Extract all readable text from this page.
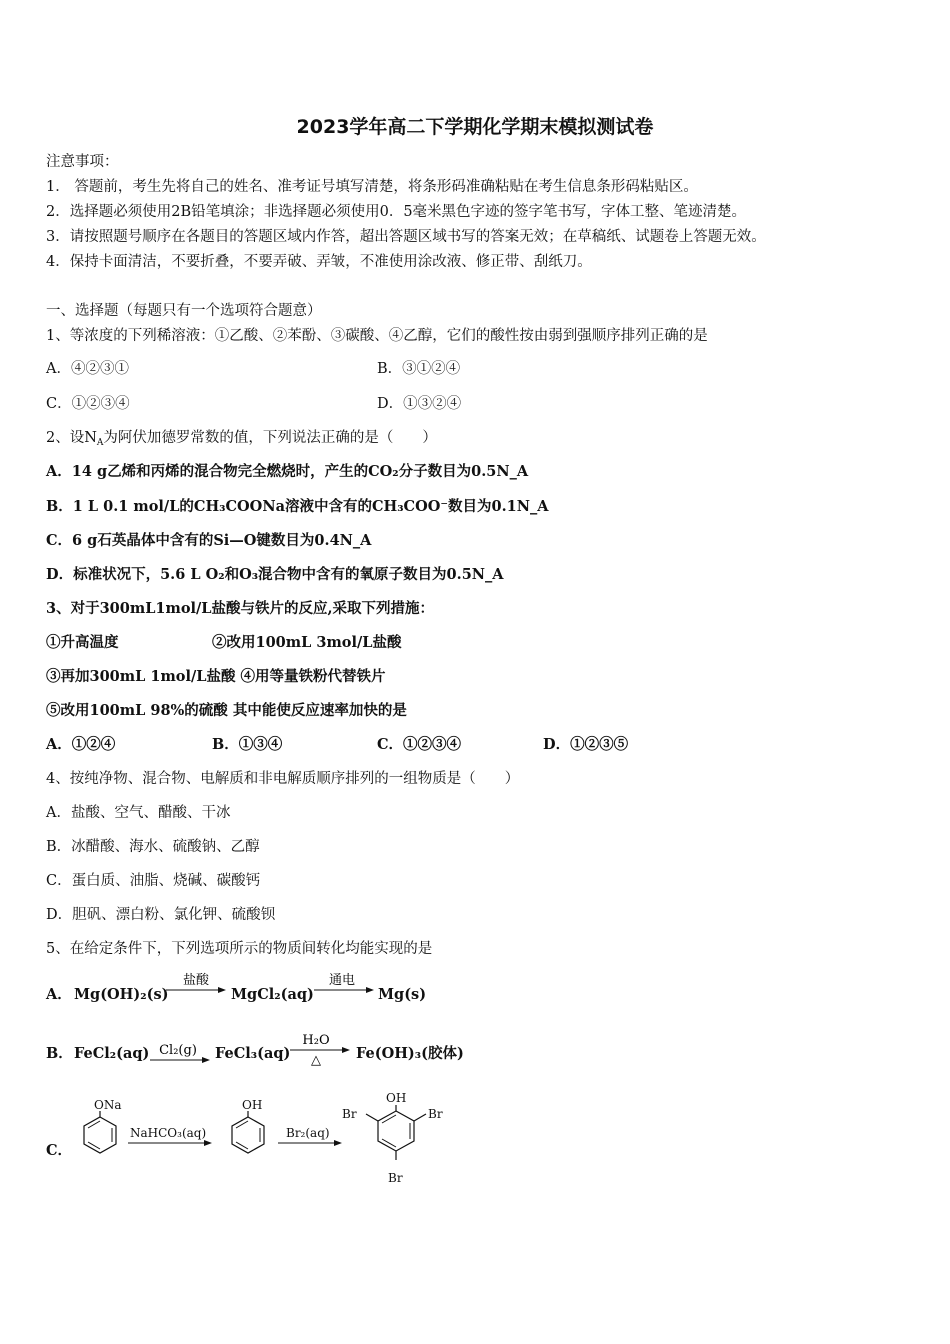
2023学年高二下学期化学期末模拟测试卷
注意事项：
1． 答题前，考生先将自己的姓名、准考证号填写清楚，将条形码准确粘贴在考生信息条形码粘贴区。
2．选择题必须使用2B铅笔填涂；非选择题必须使用0．5毫米黑色字迹的签字笔书写，字体工整、笔迹清楚。
3．请按照题号顺序在各题目的答题区域内作答，超出答题区域书写的答案无效；在草稿纸、试题卷上答题无效。
4．保持卡面清洁，不要折叠，不要弄破、弄皱，不准使用涂改液、修正带、刮纸刀。
一、选择题（每题只有一个选项符合题意）
1、等浓度的下列稀溶液：①乙酸、②苯酚、③碳酸、④乙醇，它们的酸性按由弱到强顺序排列正确的是
A．④②③①	B．③①②④
C．①②③④	D．①③②④
2、设$N_A$为阿伏加德罗常数的值，下列说法正确的是（　　）
A．14 g乙烯和丙烯的混合物完全燃烧时，产生的CO₂分子数目为0.5N_A
B．1 L 0.1 mol/L的CH₃COONa溶液中含有的CH₃COO⁻数目为0.1N_A
C．6 g石英晶体中含有的Si—O键数目为0.4N_A
D．标准状况下，5.6 L O₂和O₃混合物中含有的氧原子数目为0.5N_A
3、对于300mL1mol/L盐酸与铁片的反应,采取下列措施：
①升高温度	②改用100mL 3mol/L盐酸
③再加300mL 1mol/L盐酸 ④用等量铁粉代替铁片
⑤改用100mL 98%的硫酸 其中能使反应速率加快的是
A．①②④	B．①③④	C．①②③④	D．①②③⑤
4、按纯净物、混合物、电解质和非电解质顺序排列的一组物质是（　　）
A．盐酸、空气、醋酸、干冰
B．冰醋酸、海水、硫酸钠、乙醇
C．蛋白质、油脂、烧碱、碳酸钙
D．胆矾、漂白粉、氯化钾、硫酸钡
5、在给定条件下，下列选项所示的物质间转化均能实现的是
A． Mg(OH)₂(s)
盐酸
MgCl₂(aq)
通电
Mg(s)
B． FeCl₂(aq) Cl₂(g) FeCl₃(aq)
H₂O
△ Fe(OH)₃(胶体)
C．
ONa
NaHCO₃(aq)
OH
Br₂(aq)
OH
Br	Br
Br
